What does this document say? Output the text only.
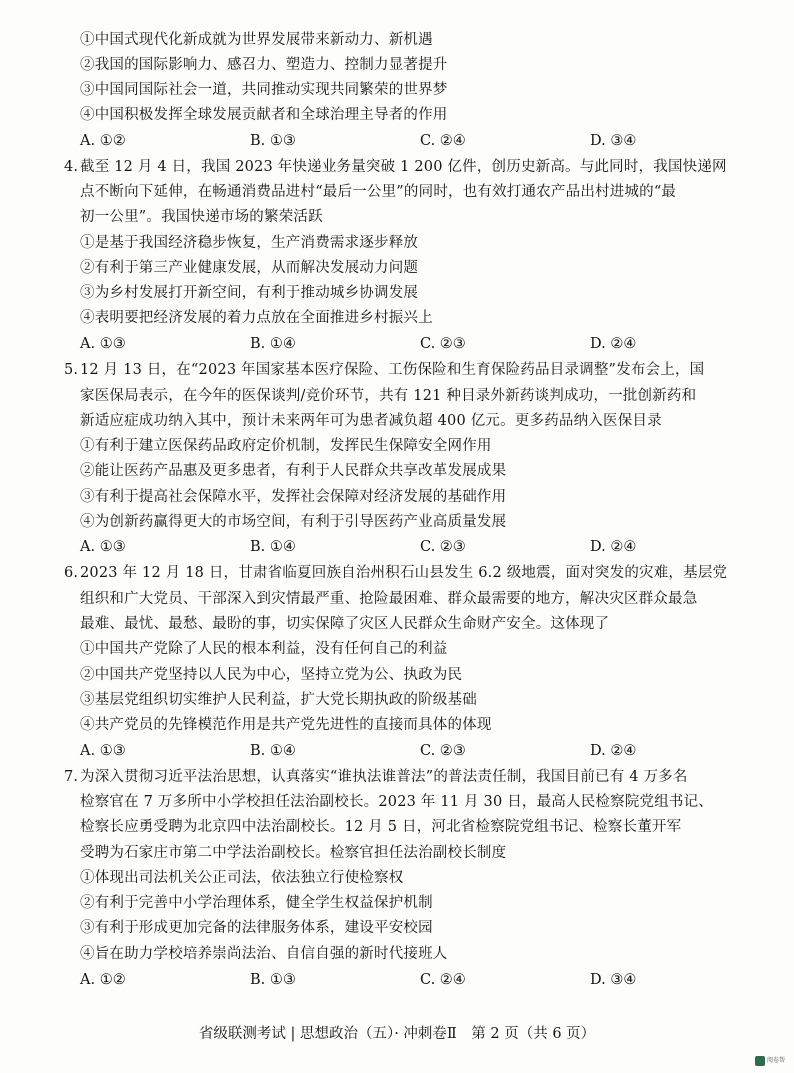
①中国式现代化新成就为世界发展带来新动力、新机遇
②我国的国际影响力、感召力、塑造力、控制力显著提升
③中国同国际社会一道，共同推动实现共同繁荣的世界梦
④中国积极发挥全球发展贡献者和全球治理主导者的作用
A. ①②	B. ①③	C. ②④	D. ③④
4. 截至 12 月 4 日，我国 2023 年快递业务量突破 1 200 亿件，创历史新高。与此同时，我国快递网
点不断向下延伸，在畅通消费品进村“最后一公里”的同时，也有效打通农产品出村进城的“最
初一公里”。我国快递市场的繁荣活跃
①是基于我国经济稳步恢复，生产消费需求逐步释放
②有利于第三产业健康发展，从而解决发展动力问题
③为乡村发展打开新空间，有利于推动城乡协调发展
④表明要把经济发展的着力点放在全面推进乡村振兴上
A. ①③	B. ①④	C. ②③	D. ②④
5. 12 月 13 日，在“2023 年国家基本医疗保险、工伤保险和生育保险药品目录调整”发布会上，国
家医保局表示，在今年的医保谈判/竞价环节，共有 121 种目录外新药谈判成功，一批创新药和
新适应症成功纳入其中，预计未来两年可为患者减负超 400 亿元。更多药品纳入医保目录
①有利于建立医保药品政府定价机制，发挥民生保障安全网作用
②能让医药产品惠及更多患者，有利于人民群众共享改革发展成果
③有利于提高社会保障水平，发挥社会保障对经济发展的基础作用
④为创新药赢得更大的市场空间，有利于引导医药产业高质量发展
A. ①③	B. ①④	C. ②③	D. ②④
6. 2023 年 12 月 18 日，甘肃省临夏回族自治州积石山县发生 6.2 级地震，面对突发的灾难，基层党
组织和广大党员、干部深入到灾情最严重、抢险最困难、群众最需要的地方，解决灾区群众最急
最难、最忧、最愁、最盼的事，切实保障了灾区人民群众生命财产安全。这体现了
①中国共产党除了人民的根本利益，没有任何自己的利益
②中国共产党坚持以人民为中心，坚持立党为公、执政为民
③基层党组织切实维护人民利益，扩大党长期执政的阶级基础
④共产党员的先锋模范作用是共产党先进性的直接而具体的体现
A. ①③	B. ①④	C. ②③	D. ②④
7. 为深入贯彻习近平法治思想，认真落实“谁执法谁普法”的普法责任制，我国目前已有 4 万多名
检察官在 7 万多所中小学校担任法治副校长。2023 年 11 月 30 日，最高人民检察院党组书记、
检察长应勇受聘为北京四中法治副校长。12 月 5 日，河北省检察院党组书记、检察长董开军
受聘为石家庄市第二中学法治副校长。检察官担任法治副校长制度
①体现出司法机关公正司法，依法独立行使检察权
②有利于完善中小学治理体系，健全学生权益保护机制
③有利于形成更加完备的法律服务体系，建设平安校园
④旨在助力学校培养崇尚法治、自信自强的新时代接班人
A. ①②	B. ①③	C. ②④	D. ③④
省级联测考试 | 思想政治（五）· 冲刺卷Ⅱ　第 2 页（共 6 页）
阅卷帮
